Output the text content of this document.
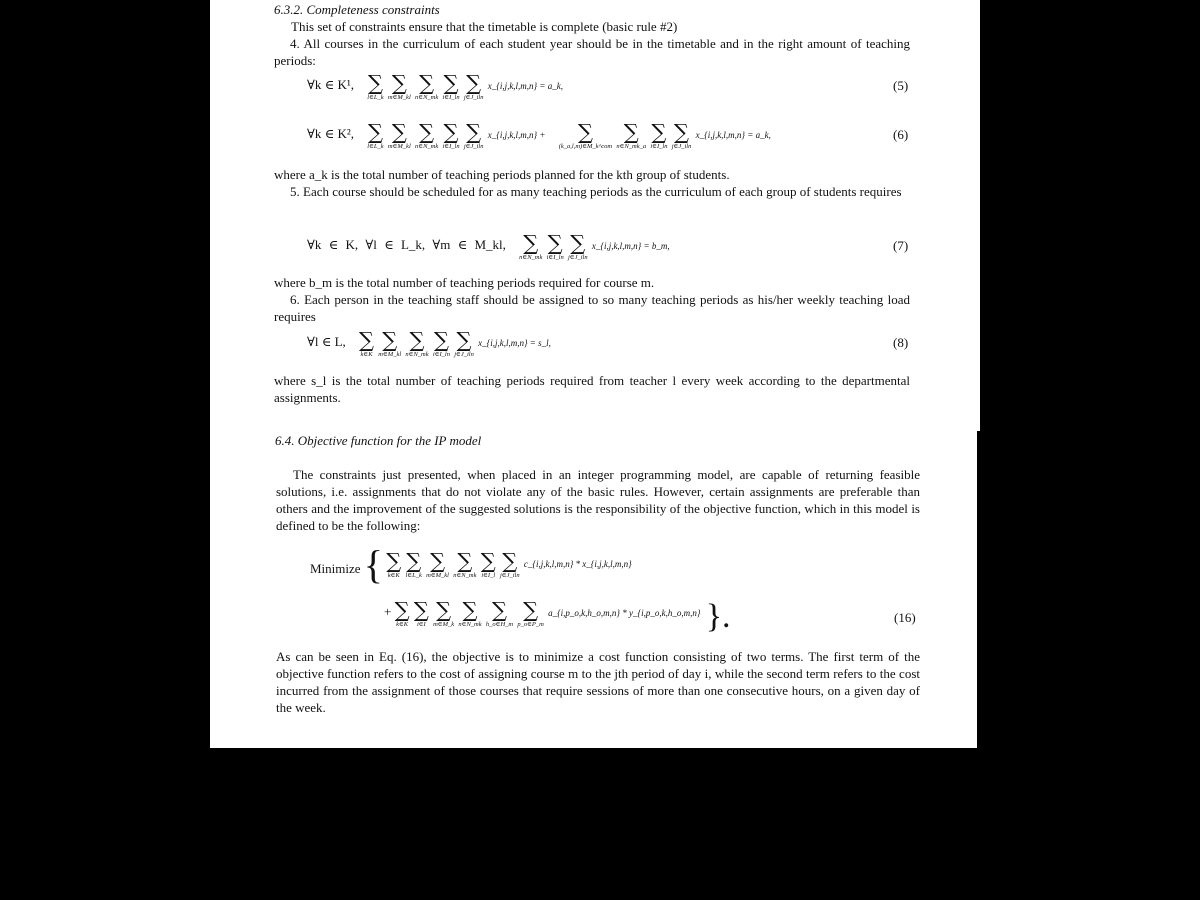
6.3.2. Completeness constraints
This set of constraints ensure that the timetable is complete (basic rule #2)
4. All courses in the curriculum of each student year should be in the timetable and in the right amount of teaching periods:
∀k ∈ K¹, ∑
l∈L_k

∑
m∈M_kl

∑
n∈N_mk

∑
i∈I_ln

∑
j∈J_iln
x_{i,j,k,l,m,n} = a_k,	(5)
∀k ∈ K², ∑
l∈L_k

∑
m∈M_kl

∑
n∈N_mk

∑
i∈I_ln

∑
j∈J_iln
x_{i,j,k,l,m,n} +	∑
(k_a,l,m)∈M_k^com

∑
n∈N_mk_a

∑
i∈I_ln

∑
j∈J_iln
x_{i,j,k,l,m,n} = a_k,	(6)
where a_k is the total number of teaching periods planned for the kth group of students.
5. Each course should be scheduled for as many teaching periods as the curriculum of each group of students requires
∀k ∈ K, ∀l ∈ L_k, ∀m ∈ M_kl, ∑
n∈N_mk

∑
i∈I_ln

∑
j∈J_iln
x_{i,j,k,l,m,n} = b_m,	(7)
where b_m is the total number of teaching periods required for course m.
6. Each person in the teaching staff should be assigned to so many teaching periods as his/her weekly teaching load requires
∀l ∈ L, ∑
k∈K

∑
m∈M_kl

∑
n∈N_mk

∑
i∈I_ln

∑
j∈J_iln
x_{i,j,k,l,m,n} = s_l,	(8)
where s_l is the total number of teaching periods required from teacher l every week according to the departmental assignments.
6.4. Objective function for the IP model
The constraints just presented, when placed in an integer programming model, are capable of returning feasible solutions, i.e. assignments that do not violate any of the basic rules. However, certain assignments are preferable than others and the improvement of the suggested solutions is the responsibility of the objective function, which in this model is defined to be the following:
Minimize { ∑
k∈K

∑
l∈L_k

∑
m∈M_kl

∑
n∈N_mk

∑
i∈I_l

∑
j∈J_iln
c_{i,j,k,l,m,n} * x_{i,j,k,l,m,n}
+ ∑
k∈K

∑
i∈I

∑
m∈M_k

∑
n∈N_mk

∑
h_o∈H_m

∑
p_o∈P_m
a_{i,p_o,k,h_o,m,n} * y_{i,p_o,k,h_o,m,n} }.	(16)
As can be seen in Eq. (16), the objective is to minimize a cost function consisting of two terms. The first term of the objective function refers to the cost of assigning course m to the jth period of day i, while the second term refers to the cost incurred from the assignment of those courses that require sessions of more than one consecutive hours, on a given day of the week.
